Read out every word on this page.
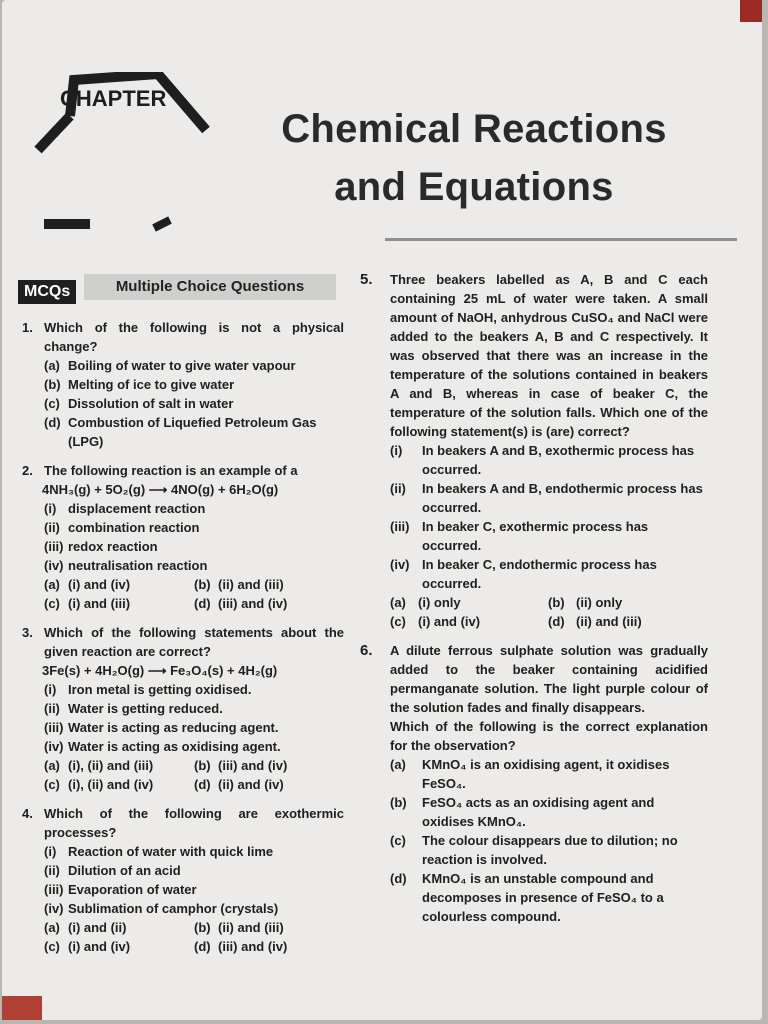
CHAPTER
Chemical Reactions
and Equations
Multiple Choice Questions
MCQs
1. Which of the following is not a physical change?
(a) Boiling of water to give water vapour
(b) Melting of ice to give water
(c) Dissolution of salt in water
(d) Combustion of Liquefied Petroleum Gas (LPG)
2. The following reaction is an example of a
4NH₃(g) + 5O₂(g) ⟶ 4NO(g) + 6H₂O(g)
(i) displacement reaction
(ii) combination reaction
(iii) redox reaction
(iv) neutralisation reaction
(a) (i) and (iv)	(b) (ii) and (iii)
(c) (i) and (iii)	(d) (iii) and (iv)
3. Which of the following statements about the given reaction are correct?
3Fe(s) + 4H₂O(g) ⟶ Fe₃O₄(s) + 4H₂(g)
(i) Iron metal is getting oxidised.
(ii) Water is getting reduced.
(iii) Water is acting as reducing agent.
(iv) Water is acting as oxidising agent.
(a) (i), (ii) and (iii)	(b) (iii) and (iv)
(c) (i), (ii) and (iv)	(d) (ii) and (iv)
4. Which of the following are exothermic processes?
(i) Reaction of water with quick lime
(ii) Dilution of an acid
(iii) Evaporation of water
(iv) Sublimation of camphor (crystals)
(a) (i) and (ii)	(b) (ii) and (iii)
(c) (i) and (iv)	(d) (iii) and (iv)
5.	Three beakers labelled as A, B and C each containing 25 mL of water were taken. A small amount of NaOH, anhydrous CuSO₄ and NaCl were added to the beakers A, B and C respectively. It was observed that there was an increase in the temperature of the solutions contained in beakers A and B, whereas in case of beaker C, the temperature of the solution falls. Which one of the following statement(s) is (are) correct?
(i)	In beakers A and B, exothermic process has occurred.
(ii)	In beakers A and B, endothermic process has occurred.
(iii) In beaker C, exothermic process has occurred.
(iv) In beaker C, endothermic process has occurred.
(a) (i) only	(b) (ii) only
(c) (i) and (iv)	(d) (ii) and (iii)
6.	A dilute ferrous sulphate solution was gradually added to the beaker containing acidified permanganate solution. The light purple colour of the solution fades and finally disappears.
Which of the following is the correct explanation for the observation?
(a)	KMnO₄ is an oxidising agent, it oxidises FeSO₄.
(b)	FeSO₄ acts as an oxidising agent and oxidises KMnO₄.
(c)	The colour disappears due to dilution; no reaction is involved.
(d)	KMnO₄ is an unstable compound and decomposes in presence of FeSO₄ to a colourless compound.
